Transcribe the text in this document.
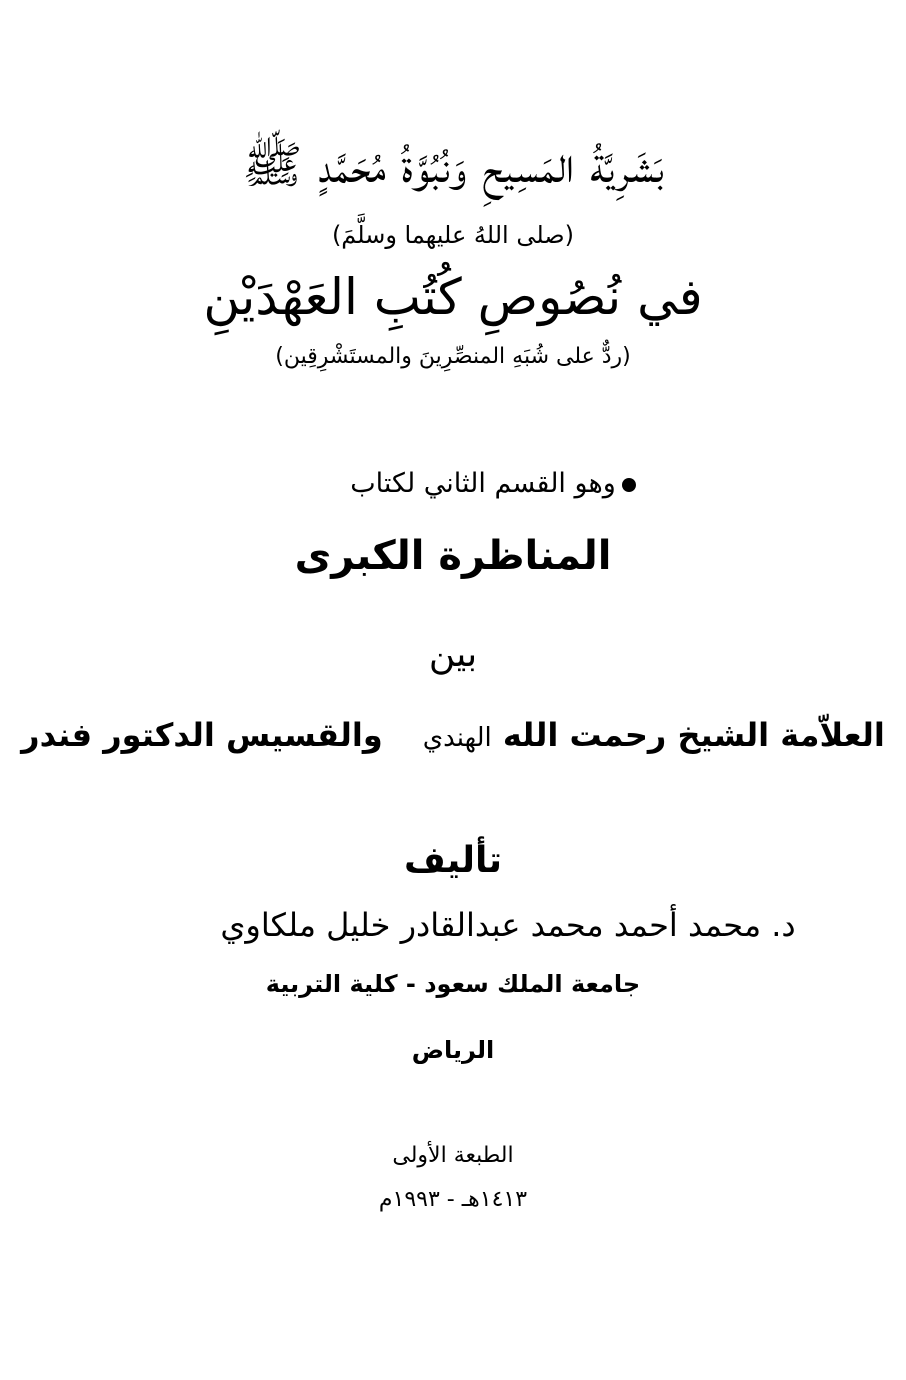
بَشَرِيَّةُ المَسِيحِ وَنُبُوَّةُ مُحَمَّدٍ ﷺ
(صلى اللهُ عليهما وسلَّمَ)
في نُصُوصِ كُتُبِ العَهْدَيْنِ
(ردٌّ على شُبَهِ المنصِّرِينَ والمستَشْرِقِين)
وهو القسم الثاني لكتاب
المناظرة الكبرى
بين
العلاّمة الشيخ رحمت الله الهنديوالقسيس الدكتور فندر
تأليف
د. محمد أحمد محمد عبدالقادر خليل ملكاوي
جامعة الملك سعود - كلية التربية
الرياض
الطبعة الأولى
١٤١٣هـ - ١٩٩٣م
